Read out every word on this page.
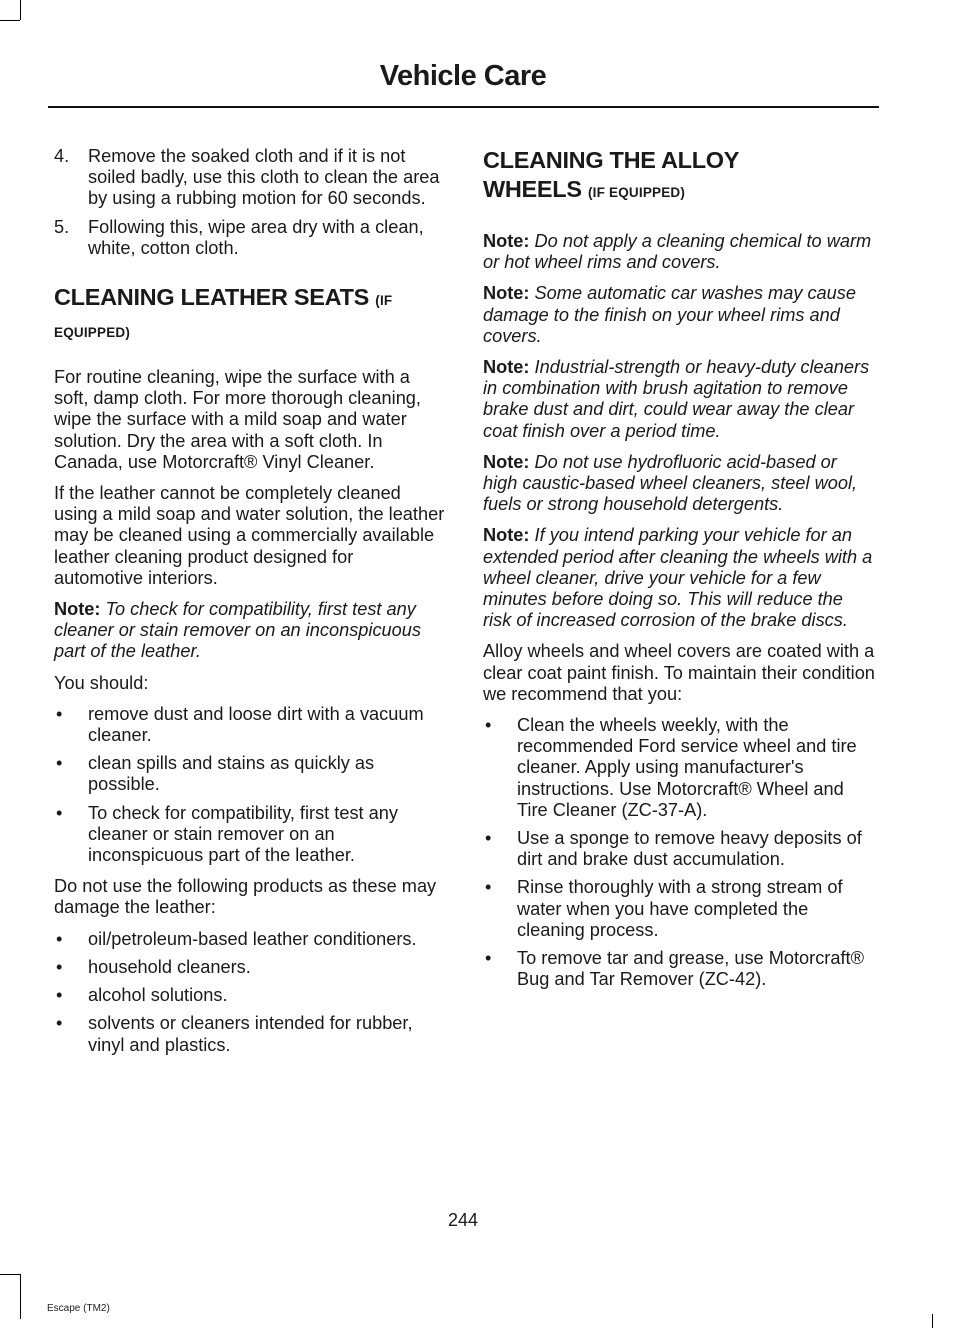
Vehicle Care
4. Remove the soaked cloth and if it is not soiled badly, use this cloth to clean the area by using a rubbing motion for 60 seconds.
5. Following this, wipe area dry with a clean, white, cotton cloth.
CLEANING LEATHER SEATS (IF EQUIPPED)

For routine cleaning, wipe the surface with a soft, damp cloth. For more thorough cleaning, wipe the surface with a mild soap and water solution. Dry the area with a soft cloth. In Canada, use Motorcraft® Vinyl Cleaner.

If the leather cannot be completely cleaned using a mild soap and water solution, the leather may be cleaned using a commercially available leather cleaning product designed for automotive interiors.

Note: To check for compatibility, first test any cleaner or stain remover on an inconspicuous part of the leather.

You should:

• remove dust and loose dirt with a vacuum cleaner.
• clean spills and stains as quickly as possible.
• To check for compatibility, first test any cleaner or stain remover on an inconspicuous part of the leather.

Do not use the following products as these may damage the leather:

• oil/petroleum-based leather conditioners.
• household cleaners.
• alcohol solutions.
• solvents or cleaners intended for rubber, vinyl and plastics.
CLEANING THE ALLOY
WHEELS (IF EQUIPPED)

Note: Do not apply a cleaning chemical to warm or hot wheel rims and covers.

Note: Some automatic car washes may cause damage to the finish on your wheel rims and covers.

Note: Industrial-strength or heavy-duty cleaners in combination with brush agitation to remove brake dust and dirt, could wear away the clear coat finish over a period time.

Note: Do not use hydrofluoric acid-based or high caustic-based wheel cleaners, steel wool, fuels or strong household detergents.

Note: If you intend parking your vehicle for an extended period after cleaning the wheels with a wheel cleaner, drive your vehicle for a few minutes before doing so. This will reduce the risk of increased corrosion of the brake discs.

Alloy wheels and wheel covers are coated with a clear coat paint finish. To maintain their condition we recommend that you:

• Clean the wheels weekly, with the recommended Ford service wheel and tire cleaner. Apply using manufacturer's instructions. Use Motorcraft® Wheel and Tire Cleaner (ZC-37-A).
• Use a sponge to remove heavy deposits of dirt and brake dust accumulation.
• Rinse thoroughly with a strong stream of water when you have completed the cleaning process.
• To remove tar and grease, use Motorcraft® Bug and Tar Remover (ZC-42).
244
Escape (TM2)
